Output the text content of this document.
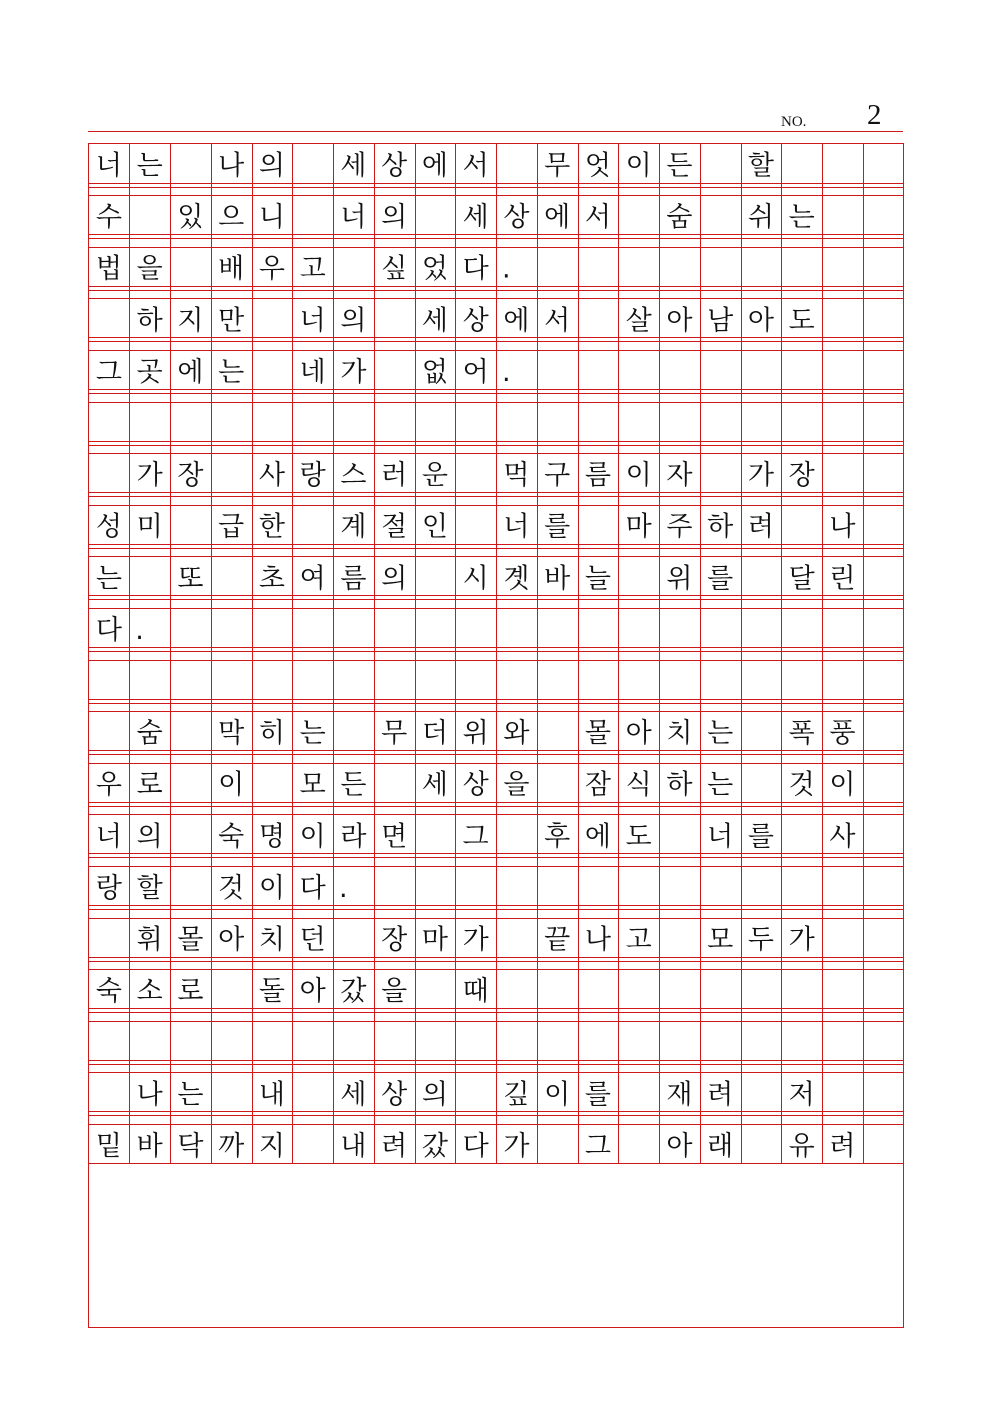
NO. 2
너 는 나 의 세 상 에 서 무 엇 이 든 할
수 있 으 니 너 의 세 상 에 서 숨 쉬 는
법 을 배 우 고 싶 었 다 .
하 지 만 너 의 세 상 에 서 살 아 남 아 도
그 곳 에 는 네 가 없 어 .
가 장 사 랑 스 러 운 먹 구 름 이 자 가 장
성 미 급 한 계 절 인 너 를 마 주 하 려 나
는 또 초 여 름 의 시 곗 바 늘 위 를 달 린
다 .
숨 막 히 는 무 더 위 와 몰 아 치 는 폭 풍
우 로 이 모 든 세 상 을 잠 식 하 는 것 이
너 의 숙 명 이 라 면 그 후 에 도 너 를 사
랑 할 것 이 다 .
휘 몰 아 치 던 장 마 가 끝 나 고 모 두 가
숙 소 로 돌 아 갔 을 때
나 는 내 세 상 의 깊 이 를 재 려 저
밑 바 닥 까 지 내 려 갔 다 가 그 아 래 유 려
